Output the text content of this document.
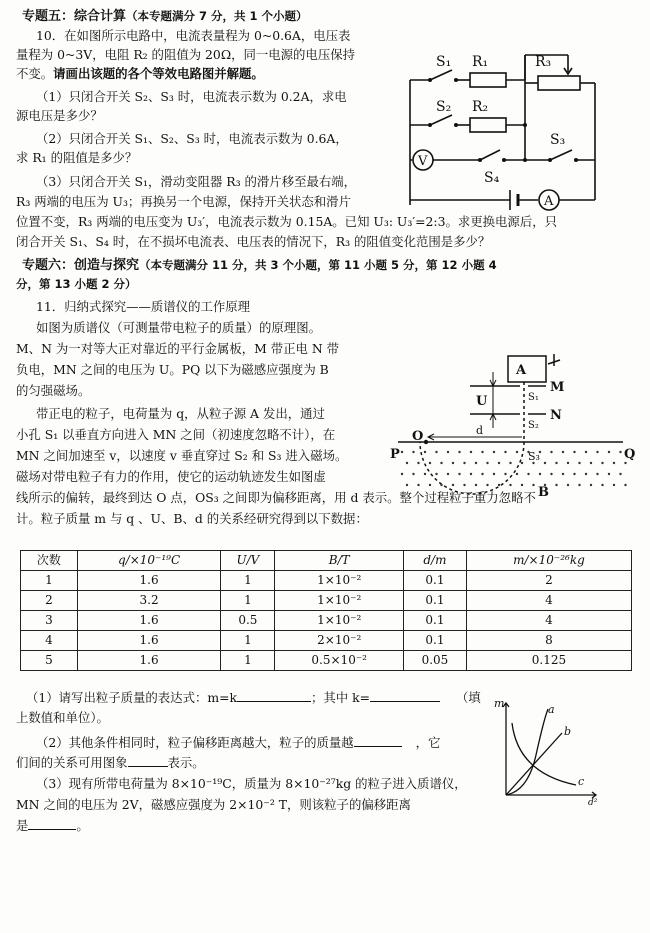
专题五：综合计算（本专题满分 7 分，共 1 个小题）
10．在如图所示电路中，电流表量程为 0~0.6A，电压表
量程为 0~3V，电阻 R₂ 的阻值为 20Ω，同一电源的电压保持
不变。请画出该题的各个等效电路图并解题。
（1）只闭合开关 S₂、S₃ 时，电流表示数为 0.2A，求电
源电压是多少？
（2）只闭合开关 S₁、S₂、S₃ 时，电流表示数为 0.6A，
求 R₁ 的阻值是多少？
（3）只闭合开关 S₁，滑动变阻器 R₃ 的滑片移至最右端，
R₃ 两端的电压为 U₃；再换另一个电源，保持开关状态和滑片
位置不变，R₃ 两端的电压变为 U₃′，电流表示数为 0.15A。已知 U₃: U₃′=2:3。求更换电源后，只
闭合开关 S₁、S₄ 时，在不损坏电流表、电压表的情况下，R₃ 的阻值变化范围是多少？
S₁ R₁	R₃
S₂ R₂
S₃
V
S₄
A
专题六：创造与探究（本专题满分 11 分，共 3 个小题，第 11 小题 5 分，第 12 小题 4
分，第 13 小题 2 分）
11．归纳式探究——质谱仪的工作原理
如图为质谱仪（可测量带电粒子的质量）的原理图。
M、N 为一对等大正对靠近的平行金属板，M 带正电 N 带
负电，MN 之间的电压为 U。PQ 以下为磁感应强度为 B
的匀强磁场。
带正电的粒子，电荷量为 q，从粒子源 A 发出，通过
小孔 S₁ 以垂直方向进入 MN 之间（初速度忽略不计），在
MN 之间加速至 v，以速度 v 垂直穿过 S₂ 和 S₃ 进入磁场。
磁场对带电粒子有力的作用，使它的运动轨迹发生如图虚
线所示的偏转，最终到达 O 点，OS₃ 之间即为偏移距离，用 d 表示。整个过程粒子重力忽略不
计。粒子质量 m 与 q 、U、B、d 的关系经研究得到以下数据：
A
M
U	S₁
N
S₂
O	d
P	S₃	Q
B
次数	q/×10⁻¹⁹C	U/V	B/T	d/m	m/×10⁻²⁶kg
1	1.6	1	1×10⁻²	0.1	2
2	3.2	1	1×10⁻²	0.1	4
3	1.6	0.5	1×10⁻²	0.1	4
4	1.6	1	2×10⁻²	0.1	8
5	1.6	1	0.5×10⁻²	0.05	0.125
（1）请写出粒子质量的表达式：m=k	；其中 k=	（填
上数值和单位）。
（2）其他条件相同时，粒子偏移距离越大，粒子的质量越	，它
们间的关系可用图象	表示。
（3）现有所带电荷量为 8×10⁻¹⁹C，质量为 8×10⁻²⁷kg 的粒子进入质谱仪，
MN 之间的电压为 2V，磁感应强度为 2×10⁻² T，则该粒子的偏移距离
是	。
m
d²
a
b
c
